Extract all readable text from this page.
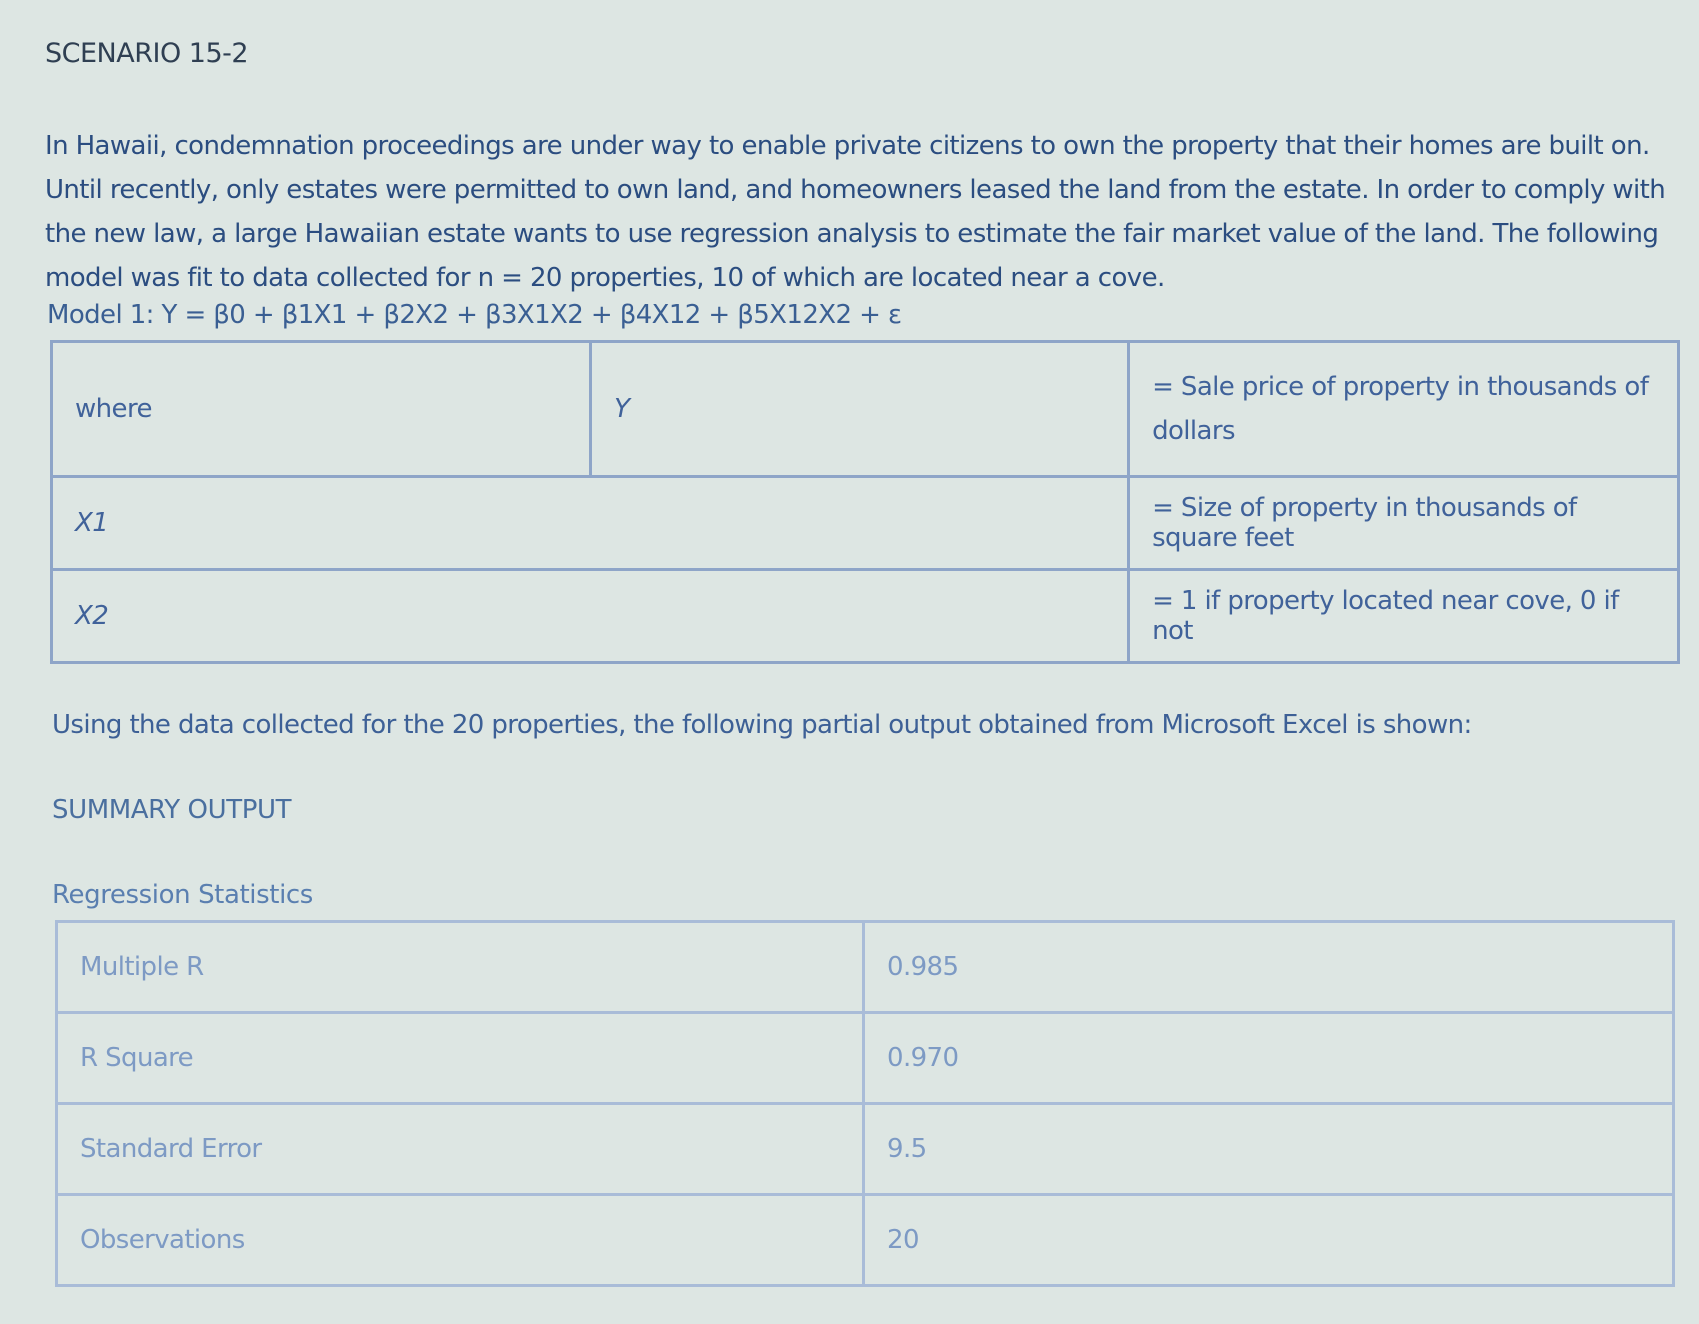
SCENARIO 15-2
In Hawaii, condemnation proceedings are under way to enable private citizens to own the property that their homes are built on. Until recently, only estates were permitted to own land, and homeowners leased the land from the estate. In order to comply with the new law, a large Hawaiian estate wants to use regression analysis to estimate the fair market value of the land. The following model was fit to data collected for n = 20 properties, 10 of which are located near a cove.
Model 1: Y = β0 + β1X1 + β2X2 + β3X1X2 + β4X12 + β5X12X2 + ε
where	Y	= Sale price of property in thousands of dollars
X1		= Size of property in thousands of square feet
X2		= 1 if property located near cove, 0 if not
Using the data collected for the 20 properties, the following partial output obtained from Microsoft Excel is shown:
SUMMARY OUTPUT
Regression Statistics
Multiple R	0.985
R Square	0.970
Standard Error	9.5
Observations	20
